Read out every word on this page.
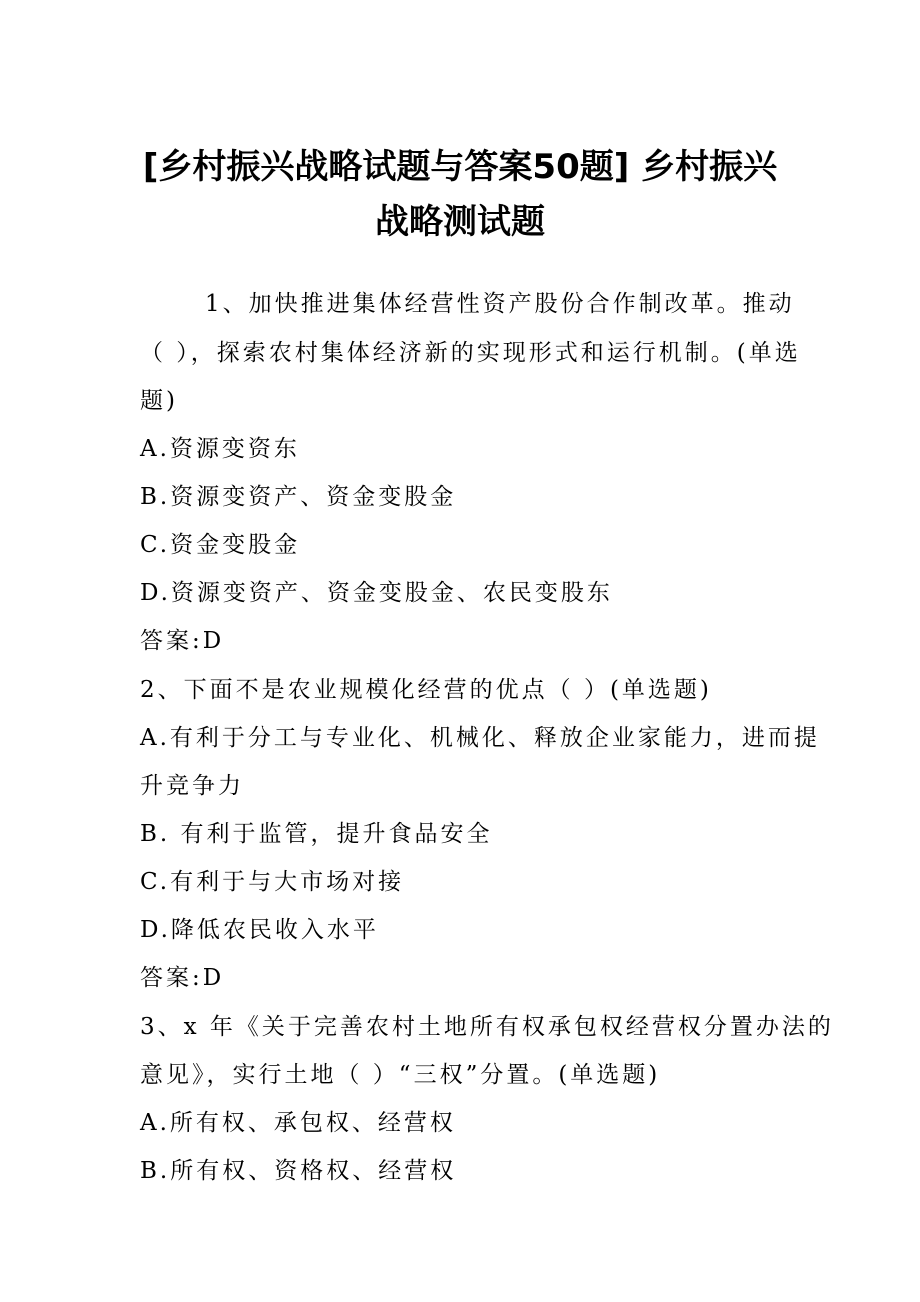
[乡村振兴战略试题与答案50题] 乡村振兴
战略测试题
1、加快推进集体经营性资产股份合作制改革。推动
（ ），探索农村集体经济新的实现形式和运行机制。(单选
题)
A.资源变资东
B.资源变资产、资金变股金
C.资金变股金
D.资源变资产、资金变股金、农民变股东
答案:D
2、下面不是农业规模化经营的优点（ ）(单选题)
A.有利于分工与专业化、机械化、释放企业家能力，进而提
升竞争力
B. 有利于监管，提升食品安全
C.有利于与大市场对接
D.降低农民收入水平
答案:D
3、x 年《关于完善农村土地所有权承包权经营权分置办法的
意见》，实行土地（ ）“三权”分置。(单选题)
A.所有权、承包权、经营权
B.所有权、资格权、经营权
